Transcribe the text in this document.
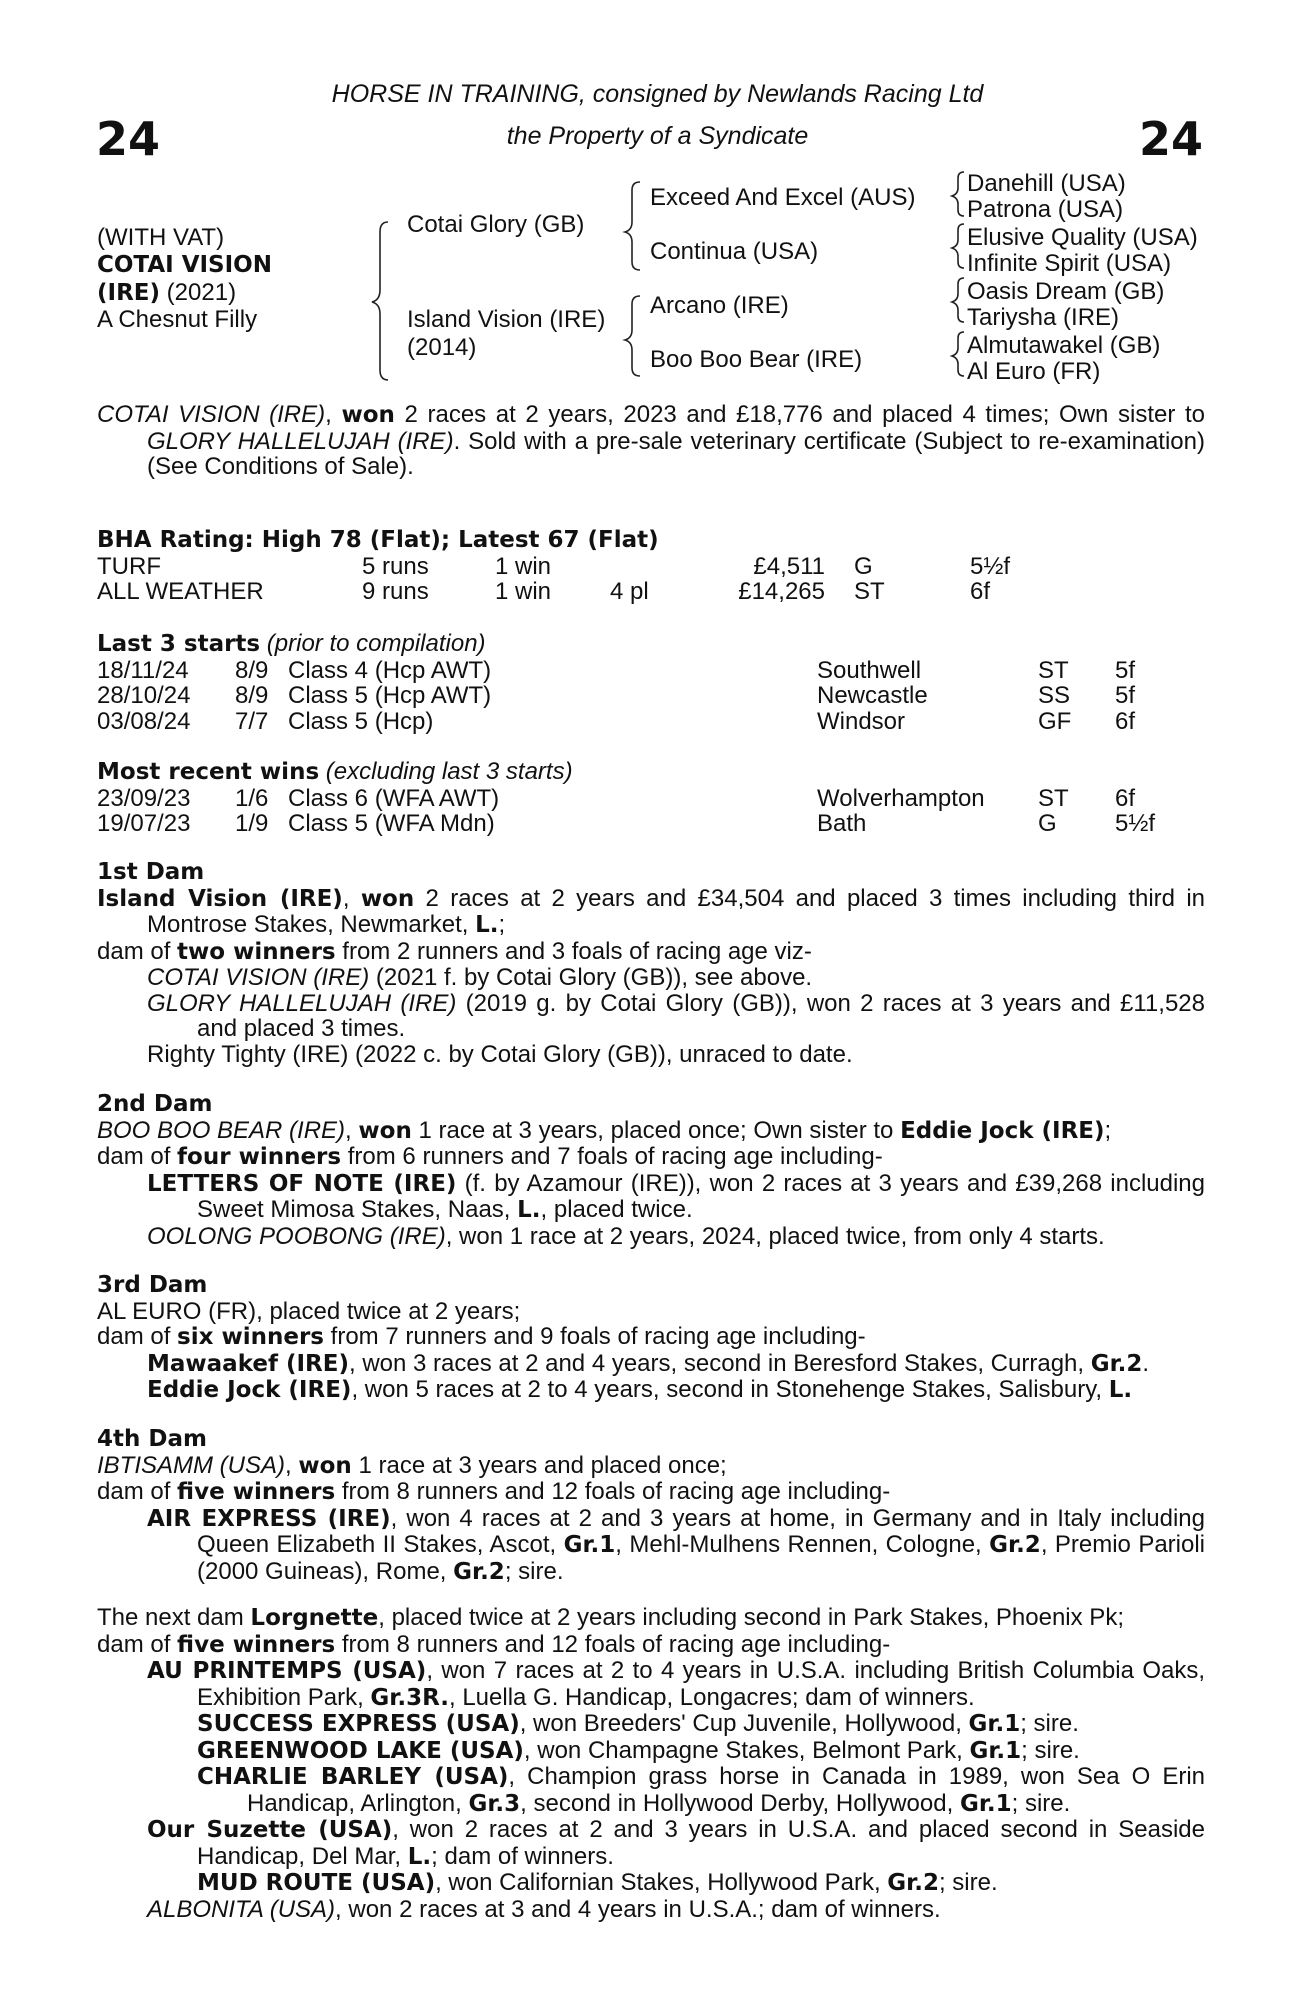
24	24
HORSE IN TRAINING, consigned by Newlands Racing Ltd
the Property of a Syndicate
(WITH VAT)
COTAI VISION
(IRE) (2021)
A Chesnut Filly
Cotai Glory (GB)
Island Vision (IRE)
(2014)
Exceed And Excel (AUS)
Continua (USA)
Arcano (IRE)
Boo Boo Bear (IRE)
Danehill (USA)
Patrona (USA)
Elusive Quality (USA)
Infinite Spirit (USA)
Oasis Dream (GB)
Tariysha (IRE)
Almutawakel (GB)
Al Euro (FR)

COTAI VISION (IRE), won 2 races at 2 years, 2023 and £18,776 and placed 4 times; Own sister to GLORY HALLELUJAH (IRE). Sold with a pre-sale veterinary certificate (Subject to re-examination) (See Conditions of Sale).

BHA Rating: High 78 (Flat); Latest 67 (Flat)
TURF	5 runs	1 win	£4,511 G	5½f
ALL WEATHER	9 runs	1 win 4 pl	£14,265 ST	6f
Last 3 starts (prior to compilation)
18/11/24 8/9 Class 4 (Hcp AWT)	Southwell	ST 5f
28/10/24 8/9 Class 5 (Hcp AWT)	Newcastle	SS 5f
03/08/24 7/7 Class 5 (Hcp)	Windsor	GF 6f
Most recent wins (excluding last 3 starts)
23/09/23 1/6 Class 6 (WFA AWT)	Wolverhampton ST 6f
19/07/23 1/9 Class 5 (WFA Mdn)	Bath	G 5½f
1st Dam

Island Vision (IRE), won 2 races at 2 years and £34,504 and placed 3 times including third in Montrose Stakes, Newmarket, L.;

dam of two winners from 2 runners and 3 foals of racing age viz-

COTAI VISION (IRE) (2021 f. by Cotai Glory (GB)), see above.

GLORY HALLELUJAH (IRE) (2019 g. by Cotai Glory (GB)), won 2 races at 3 years and £11,528 and placed 3 times.

Righty Tighty (IRE) (2022 c. by Cotai Glory (GB)), unraced to date.

2nd Dam

BOO BOO BEAR (IRE), won 1 race at 3 years, placed once; Own sister to Eddie Jock (IRE);

dam of four winners from 6 runners and 7 foals of racing age including-

LETTERS OF NOTE (IRE) (f. by Azamour (IRE)), won 2 races at 3 years and £39,268 including Sweet Mimosa Stakes, Naas, L., placed twice.

OOLONG POOBONG (IRE), won 1 race at 2 years, 2024, placed twice, from only 4 starts.

3rd Dam

AL EURO (FR), placed twice at 2 years;

dam of six winners from 7 runners and 9 foals of racing age including-

Mawaakef (IRE), won 3 races at 2 and 4 years, second in Beresford Stakes, Curragh, Gr.2.

Eddie Jock (IRE), won 5 races at 2 to 4 years, second in Stonehenge Stakes, Salisbury, L.

4th Dam

IBTISAMM (USA), won 1 race at 3 years and placed once;

dam of five winners from 8 runners and 12 foals of racing age including-

AIR EXPRESS (IRE), won 4 races at 2 and 3 years at home, in Germany and in Italy including Queen Elizabeth II Stakes, Ascot, Gr.1, Mehl-Mulhens Rennen, Cologne, Gr.2, Premio Parioli (2000 Guineas), Rome, Gr.2; sire.

The next dam Lorgnette, placed twice at 2 years including second in Park Stakes, Phoenix Pk;

dam of five winners from 8 runners and 12 foals of racing age including-

AU PRINTEMPS (USA), won 7 races at 2 to 4 years in U.S.A. including British Columbia Oaks, Exhibition Park, Gr.3R., Luella G. Handicap, Longacres; dam of winners.

SUCCESS EXPRESS (USA), won Breeders' Cup Juvenile, Hollywood, Gr.1; sire.

GREENWOOD LAKE (USA), won Champagne Stakes, Belmont Park, Gr.1; sire.

CHARLIE BARLEY (USA), Champion grass horse in Canada in 1989, won Sea O Erin Handicap, Arlington, Gr.3, second in Hollywood Derby, Hollywood, Gr.1; sire.

Our Suzette (USA), won 2 races at 2 and 3 years in U.S.A. and placed second in Seaside Handicap, Del Mar, L.; dam of winners.

MUD ROUTE (USA), won Californian Stakes, Hollywood Park, Gr.2; sire.

ALBONITA (USA), won 2 races at 3 and 4 years in U.S.A.; dam of winners.
